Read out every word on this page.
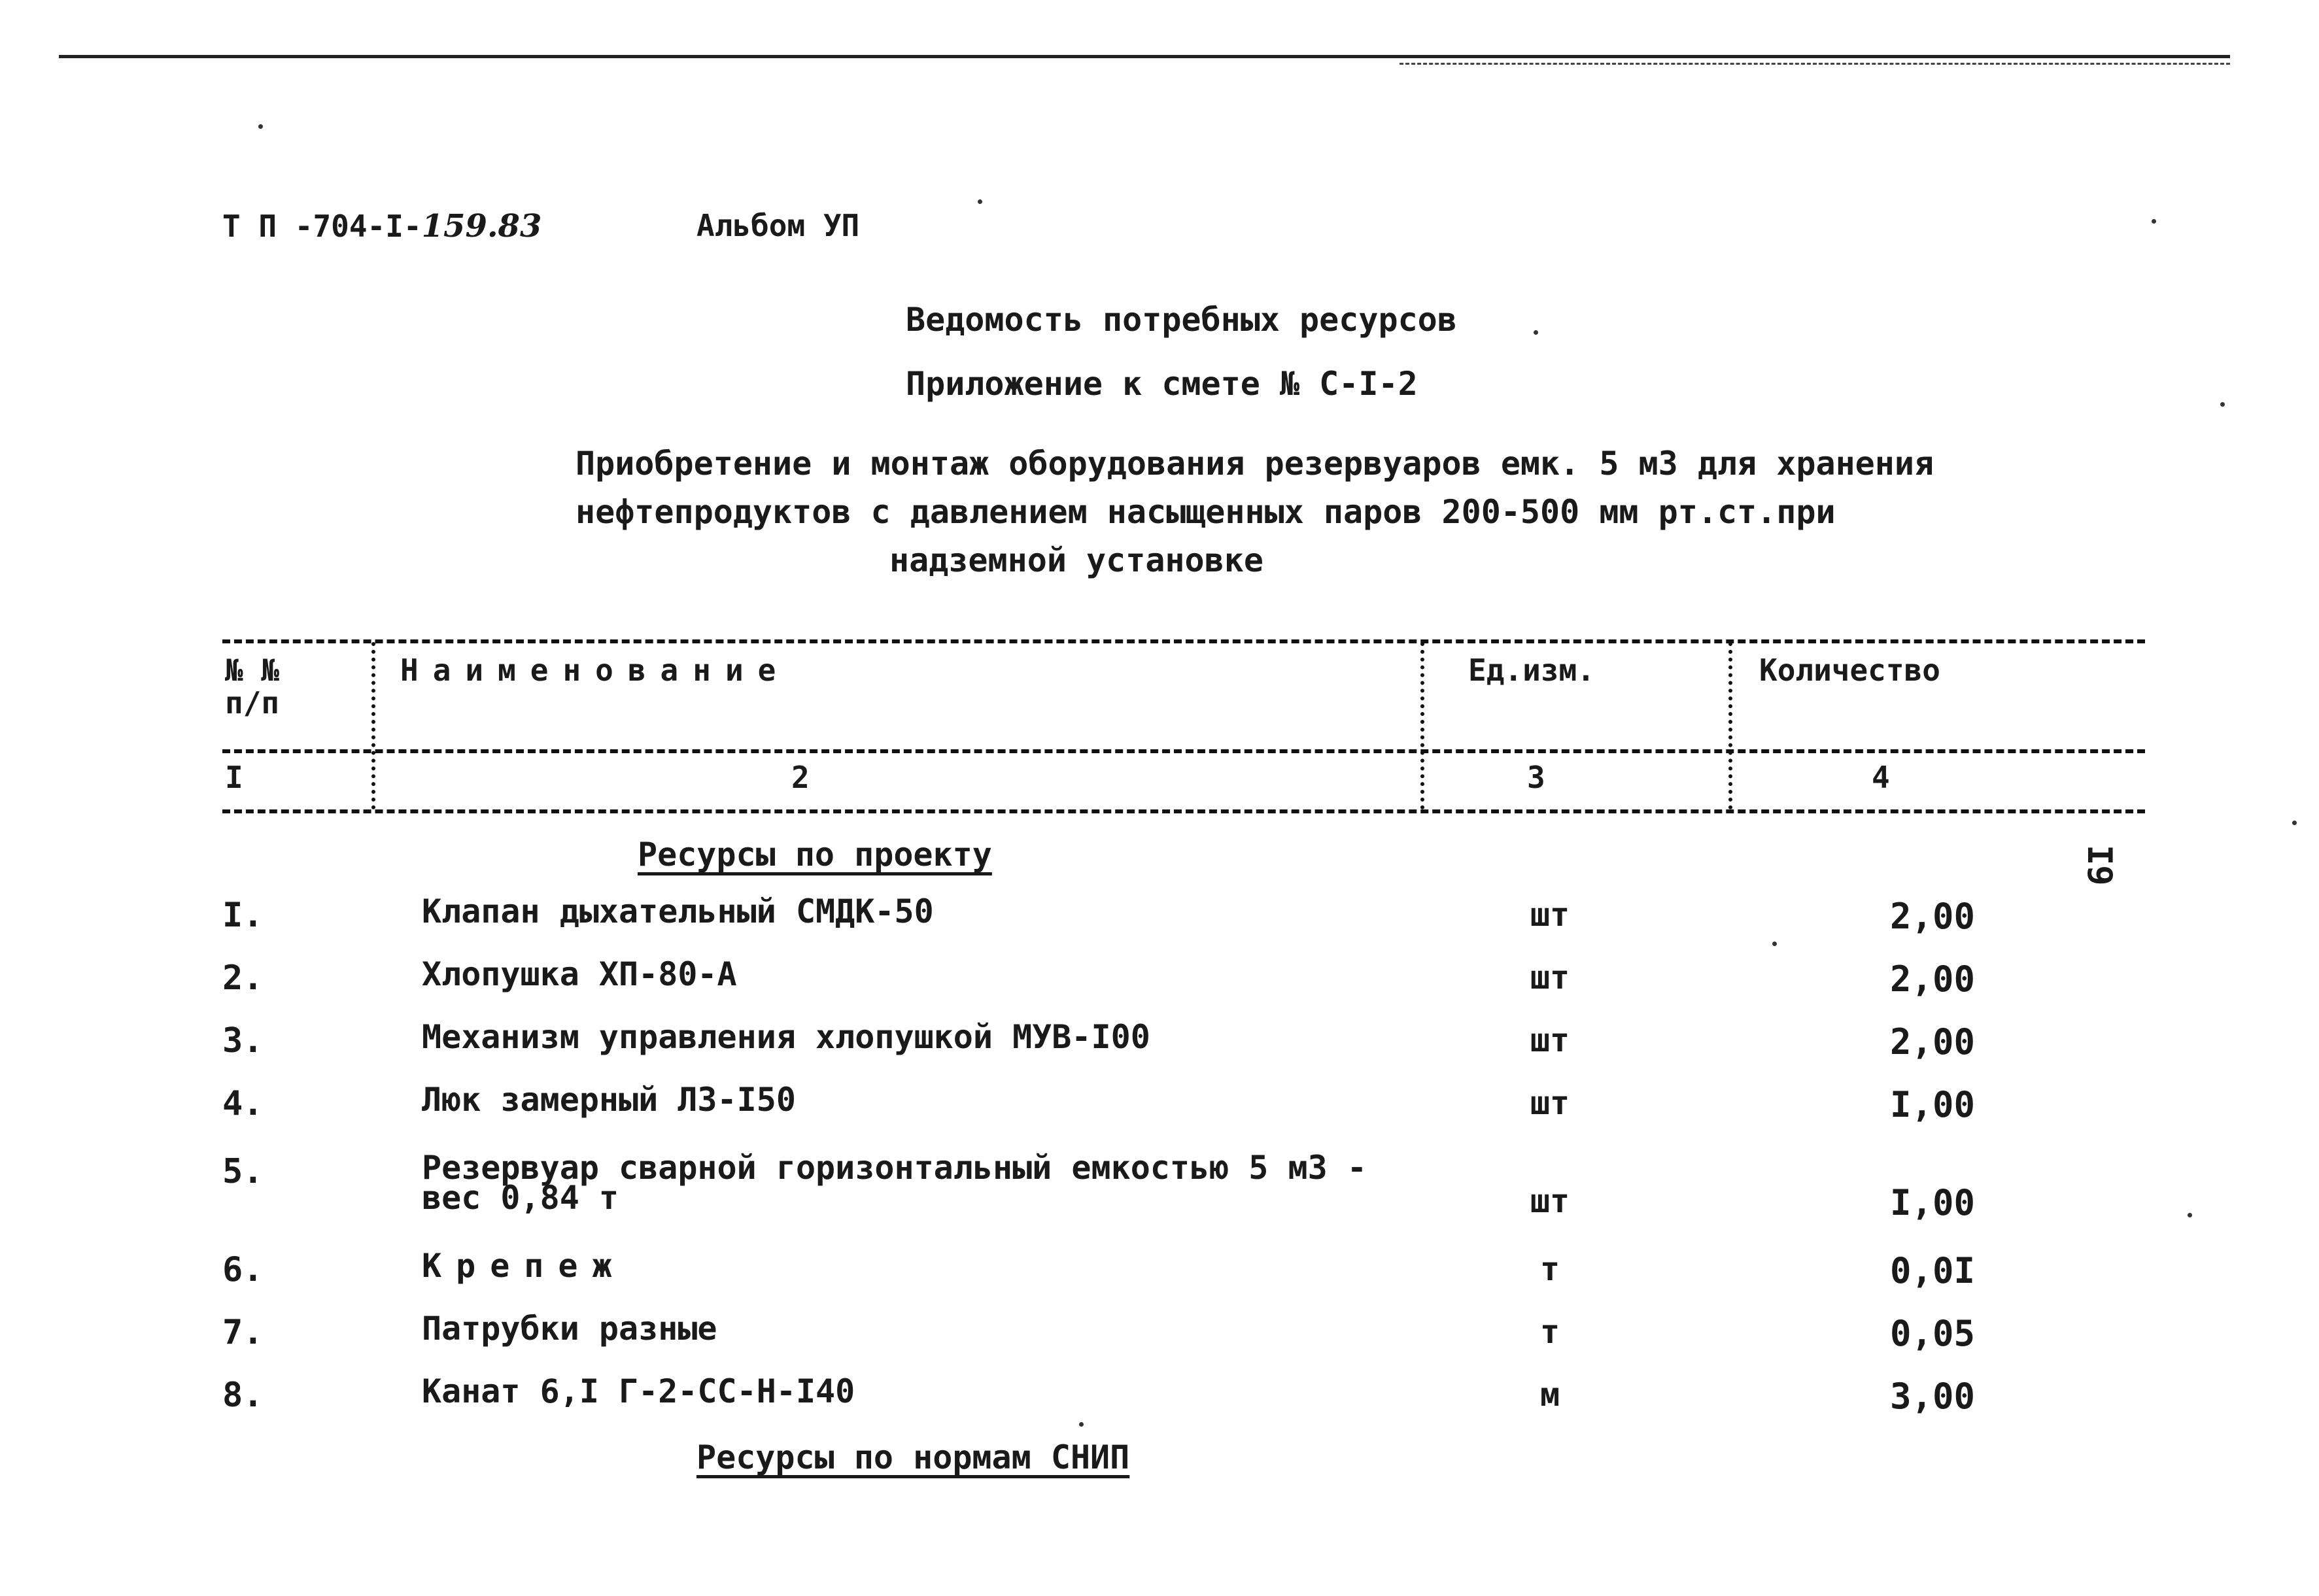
Т П -704-I-159.83	Альбом УП
Ведомость потребных ресурсов
Приложение к смете № С-I-2
Приобретение и монтаж оборудования резервуаров емк. 5 м3 для хранения
нефтепродуктов с давлением насыщенных паров 200-500 мм рт.ст.при
надземной установке
№ №
п/п
Наименование	Ед.изм.	Количество
I	2	3	4
Ресурсы по проекту
I.	Клапан дыхательный СМДК-50	шт	2,00
2.	Хлопушка ХП-80-А	шт	2,00
3.	Механизм управления хлопушкой МУВ-I00	шт	2,00
4.	Люк замерный ЛЗ-I50	шт	I,00
5.	Резервуар сварной горизонтальный емкостью 5 м3 -
вес 0,84 т	шт	I,00
6.	Крепеж	т	0,0I
7.	Патрубки разные	т	0,05
8.	Канат 6,I Г-2-СС-Н-I40	м	3,00
Ресурсы по нормам СНИП
I9
